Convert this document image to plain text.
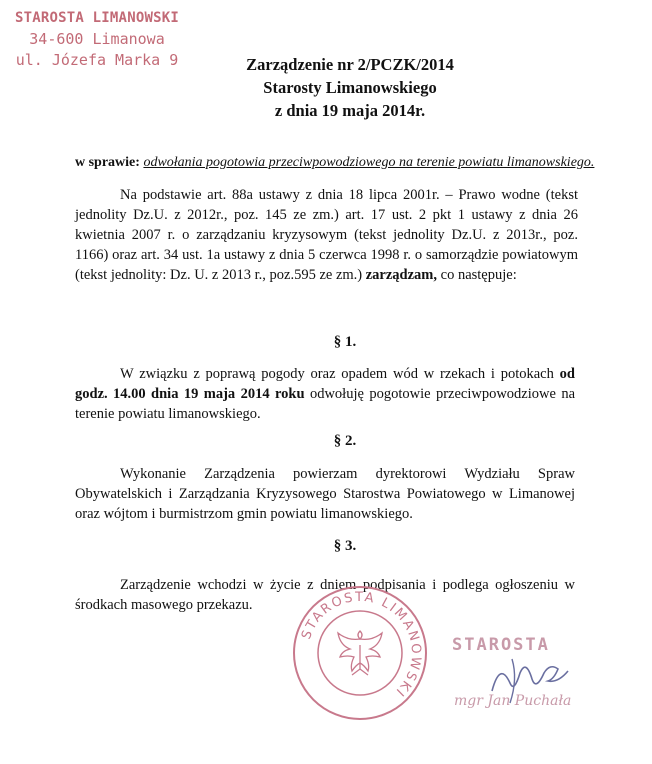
STAROSTA LIMANOWSKI
34-600 Limanowa
ul. Józefa Marka 9	Zarządzenie nr 2/PCZK/2014
Starosty Limanowskiego
z dnia 19 maja 2014r.
w sprawie: odwołania pogotowia przeciwpowodziowego na terenie powiatu limanowskiego.
Na podstawie art. 88a ustawy z dnia 18 lipca 2001r. – Prawo wodne (tekst jednolity Dz.U. z 2012r., poz. 145 ze zm.) art. 17 ust. 2 pkt 1 ustawy z dnia 26 kwietnia 2007 r. o zarządzaniu kryzysowym (tekst jednolity Dz.U. z 2013r., poz. 1166) oraz art. 34 ust. 1a ustawy z dnia 5 czerwca 1998 r. o samorządzie powiatowym (tekst jednolity: Dz. U. z 2013 r., poz.595 ze zm.) zarządzam, co następuje:
§ 1.
W związku z poprawą pogody oraz opadem wód w rzekach i potokach od godz. 14.00 dnia 19 maja 2014 roku odwołuję pogotowie przeciwpowodziowe na terenie powiatu limanowskiego.
§ 2.
Wykonanie Zarządzenia powierzam dyrektorowi Wydziału Spraw Obywatelskich i Zarządzania Kryzysowego Starostwa Powiatowego w Limanowej oraz wójtom i burmistrzom gmin powiatu limanowskiego.
§ 3.
Zarządzenie wchodzi w życie z dniem podpisania i podlega ogłoszeniu w środkach masowego przekazu.
STAROSTA LIMANOWSKI
STAROSTA
mgr Jan Puchała
